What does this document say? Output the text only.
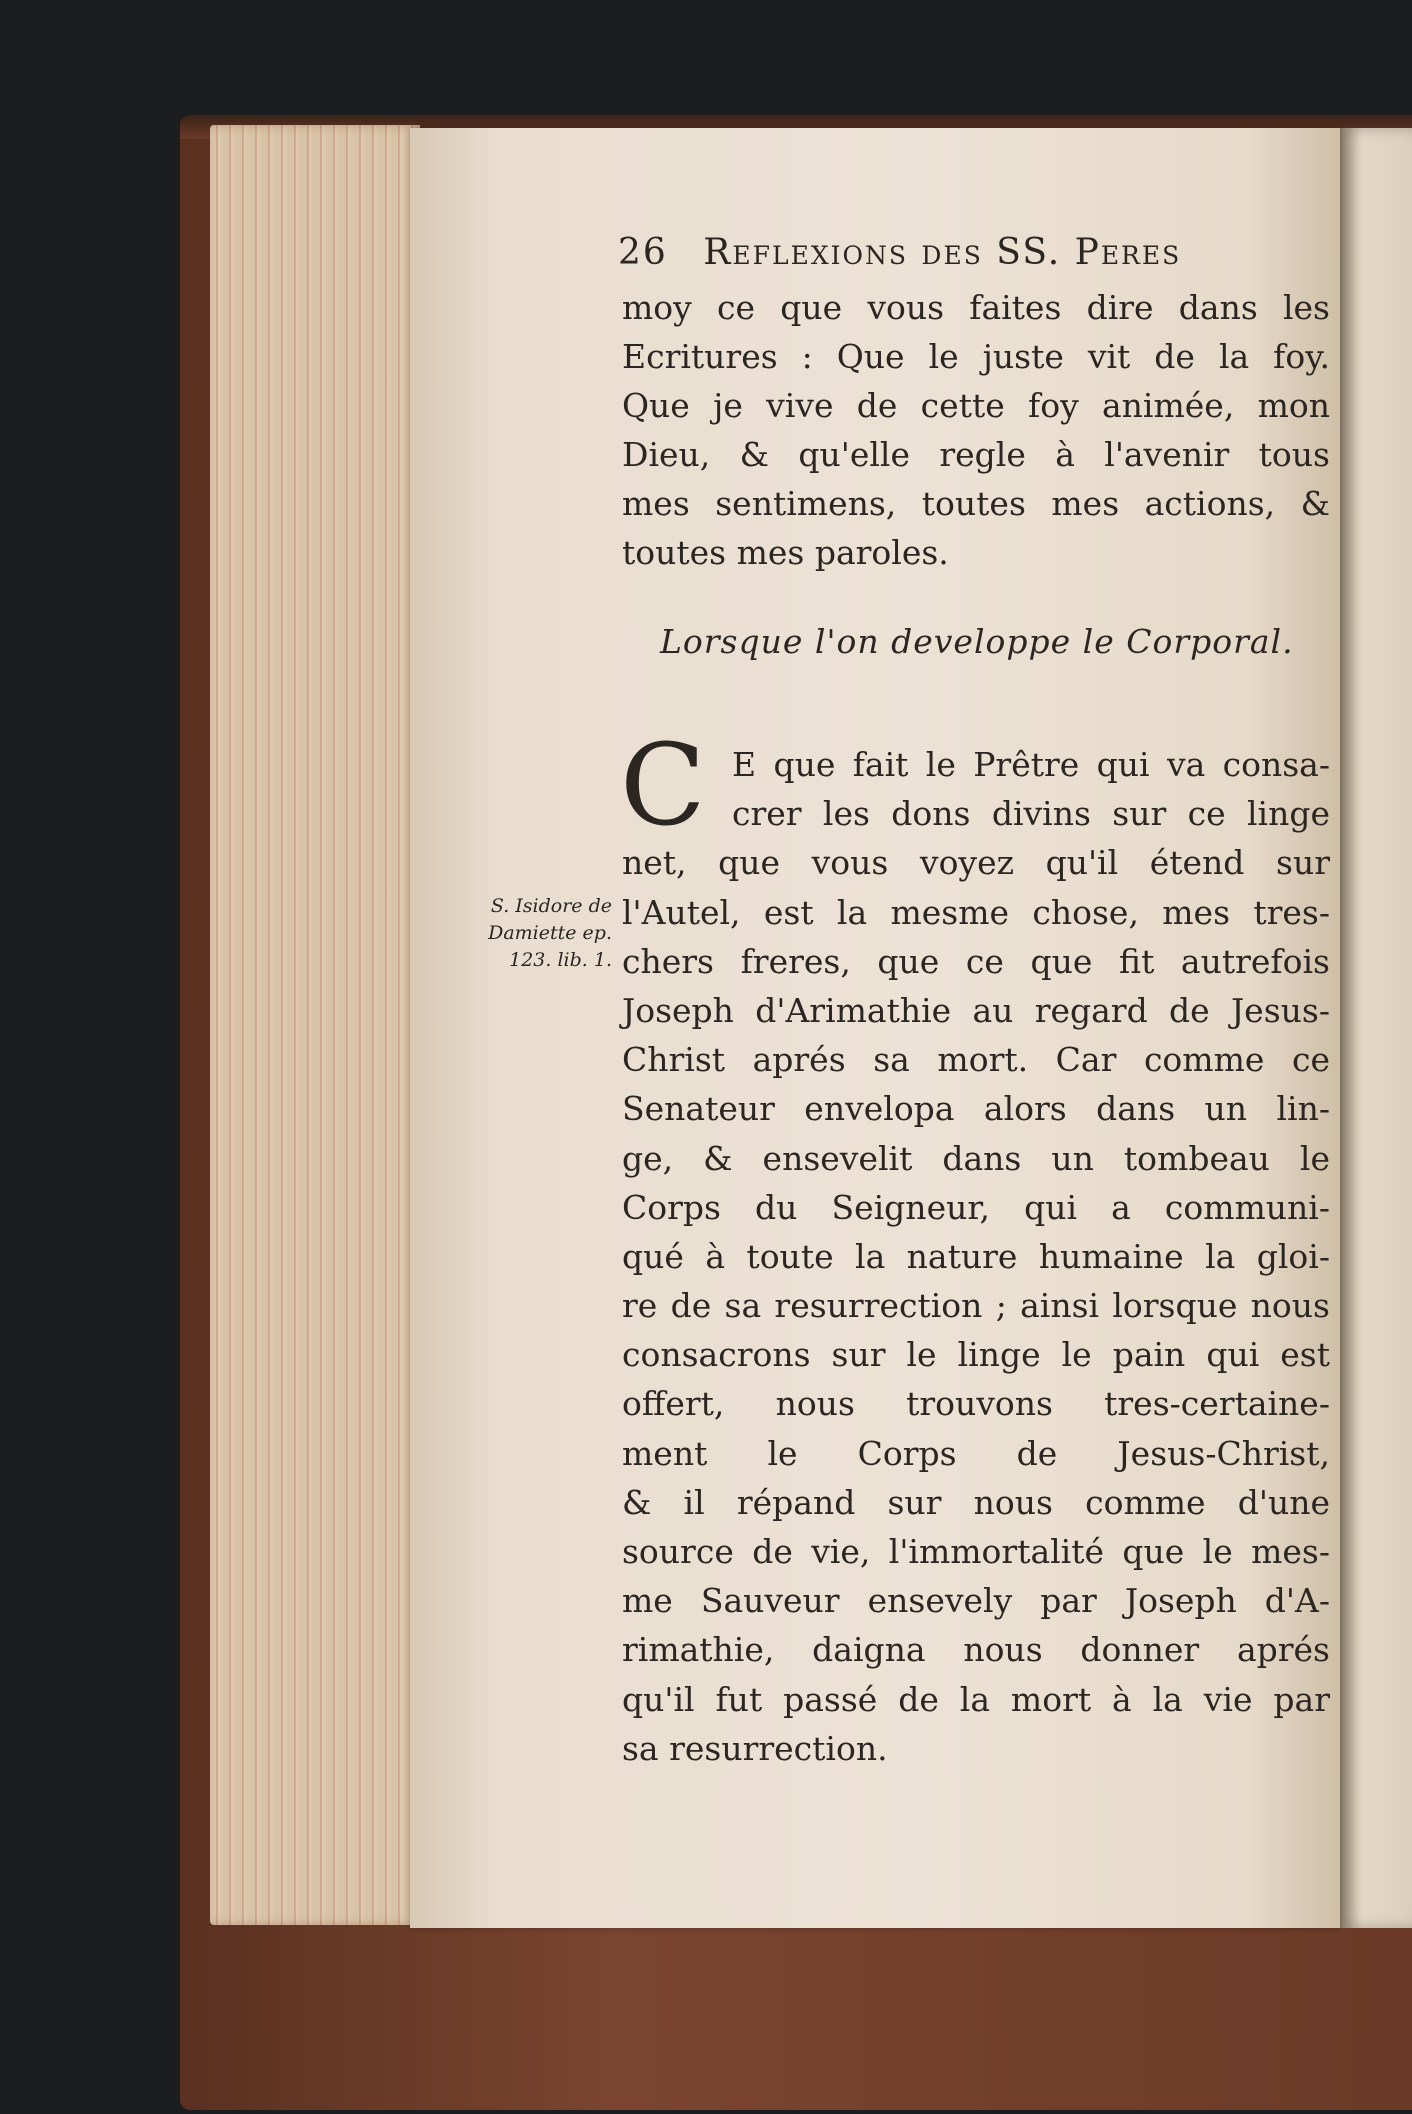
26 Reflexions des SS. Peres
moy ce que vous faites dire dans les
Ecritures : Que le juste vit de la foy.
Que je vive de cette foy animée, mon
Dieu, & qu'elle regle à l'avenir tous
mes sentimens, toutes mes actions, &
toutes mes paroles.
Lorsque l'on developpe le Corporal.
C E que fait le Prêtre qui va consa-
crer les dons divins sur ce linge
net, que vous voyez qu'il étend sur
l'Autel, est la mesme chose, mes tres-
chers freres, que ce que fit autrefois
Joseph d'Arimathie au regard de Jesus-
Christ aprés sa mort. Car comme ce
Senateur envelopa alors dans un lin-
ge, & ensevelit dans un tombeau le
Corps du Seigneur, qui a communi-
qué à toute la nature humaine la gloi-
re de sa resurrection ; ainsi lorsque nous
consacrons sur le linge le pain qui est
offert, nous trouvons tres-certaine-
ment le Corps de Jesus-Christ,
& il répand sur nous comme d'une
source de vie, l'immortalité que le mes-
me Sauveur ensevely par Joseph d'A-
rimathie, daigna nous donner aprés
qu'il fut passé de la mort à la vie par
sa resurrection.
S. Isidore de
Damiette ep.
123. lib. 1.
